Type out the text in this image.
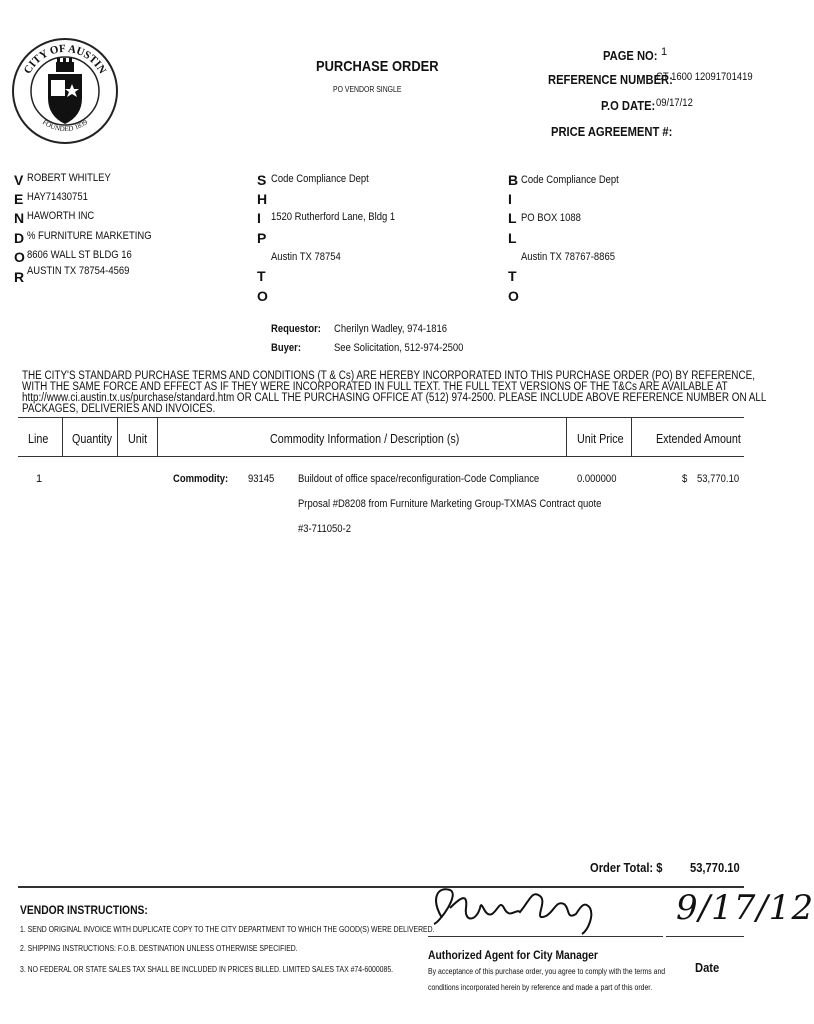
CITY OF AUSTIN
FOUNDED 1839
PURCHASE ORDER
PO VENDOR SINGLE
PAGE NO: 1
REFERENCE NUMBER:
CT 1600 12091701419
P.O DATE: 09/17/12
PRICE AGREEMENT #:
V
E
N
D
O
R
ROBERT WHITLEY
HAY71430751
HAWORTH INC
% FURNITURE MARKETING
8606 WALL ST BLDG 16
AUSTIN TX 78754-4569
S
H
I
P
T
O
Code Compliance Dept
1520 Rutherford Lane, Bldg 1
Austin TX 78754
B
I
L
L
T
O
Code Compliance Dept
PO BOX 1088
Austin TX 78767-8865
Requestor: Cherilyn Wadley, 974-1816
Buyer:	See Solicitation, 512-974-2500
THE CITY'S STANDARD PURCHASE TERMS AND CONDITIONS (T & Cs) ARE HEREBY INCORPORATED INTO THIS PURCHASE ORDER (PO) BY REFERENCE, WITH THE SAME FORCE AND EFFECT AS IF THEY WERE INCORPORATED IN FULL TEXT. THE FULL TEXT VERSIONS OF THE T&Cs ARE AVAILABLE AT http://www.ci.austin.tx.us/purchase/standard.htm OR CALL THE PURCHASING OFFICE AT (512) 974-2500. PLEASE INCLUDE ABOVE REFERENCE NUMBER ON ALL PACKAGES, DELIVERIES AND INVOICES.
Line Quantity Unit	Commodity Information / Description (s)	Unit Price	Extended Amount
1	Commodity: 93145 Buildout of office space/reconfiguration-Code Compliance
Prposal #D8208 from Furniture Marketing Group-TXMAS Contract quote
#3-711050-2
0.000000	$ 53,770.10
Order Total: $ 53,770.10
VENDOR INSTRUCTIONS:
1. SEND ORIGINAL INVOICE WITH DUPLICATE COPY TO THE CITY DEPARTMENT TO WHICH THE GOOD(S) WERE DELIVERED.
2. SHIPPING INSTRUCTIONS: F.O.B. DESTINATION UNLESS OTHERWISE SPECIFIED.
3. NO FEDERAL OR STATE SALES TAX SHALL BE INCLUDED IN PRICES BILLED. LIMITED SALES TAX #74-6000085.
Authorized Agent for City Manager
By acceptance of this purchase order, you agree to comply with the terms and
conditions incorporated herein by reference and made a part of this order.
9/17/12
Date
